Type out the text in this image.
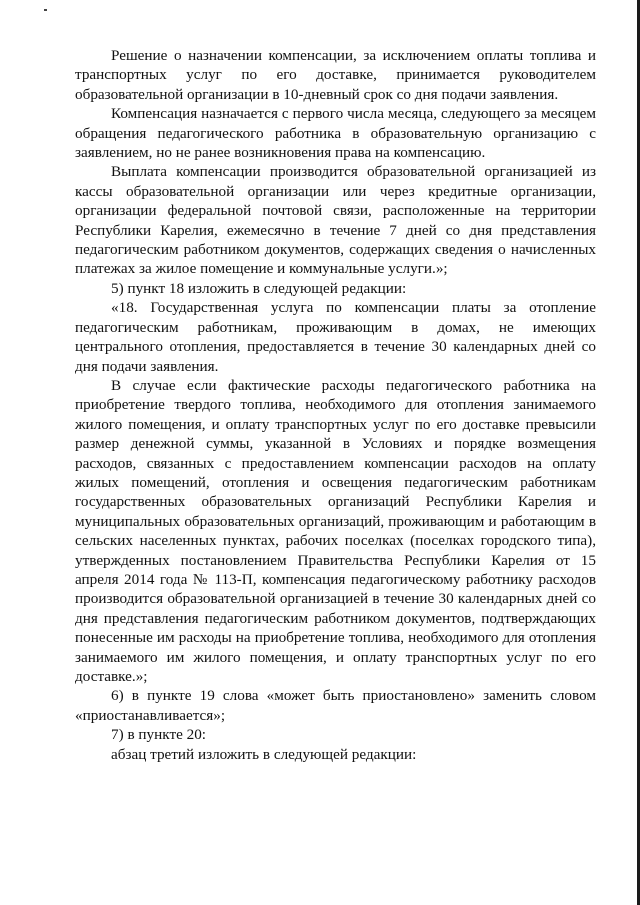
Решение о назначении компенсации, за исключением оплаты топлива и транспортных услуг по его доставке, принимается руководителем образовательной организации в 10-дневный срок со дня подачи заявления.

Компенсация назначается с первого числа месяца, следующего за месяцем обращения педагогического работника в образовательную организацию с заявлением, но не ранее возникновения права на компенсацию.

Выплата компенсации производится образовательной организацией из кассы образовательной организации или через кредитные организации, организации федеральной почтовой связи, расположенные на территории Республики Карелия, ежемесячно в течение 7 дней со дня представления педагогическим работником документов, содержащих сведения о начисленных платежах за жилое помещение и коммунальные услуги.»;

5) пункт 18 изложить в следующей редакции:

«18. Государственная услуга по компенсации платы за отопление педагогическим работникам, проживающим в домах, не имеющих центрального отопления, предоставляется в течение 30 календарных дней со дня подачи заявления.

В случае если фактические расходы педагогического работника на приобретение твердого топлива, необходимого для отопления занимаемого жилого помещения, и оплату транспортных услуг по его доставке превысили размер денежной суммы, указанной в Условиях и порядке возмещения расходов, связанных с предоставлением компенсации расходов на оплату жилых помещений, отопления и освещения педагогическим работникам государственных образовательных организаций Республики Карелия и муниципальных образовательных организаций, проживающим и работающим в сельских населенных пунктах, рабочих поселках (поселках городского типа), утвержденных постановлением Правительства Республики Карелия от 15 апреля 2014 года № 113-П, компенсация педагогическому работнику расходов производится образовательной организацией в течение 30 календарных дней со дня представления педагогическим работником документов, подтверждающих понесенные им расходы на приобретение топлива, необходимого для отопления занимаемого им жилого помещения, и оплату транспортных услуг по его доставке.»;

6) в пункте 19 слова «может быть приостановлено» заменить словом «приостанавливается»;

7) в пункте 20:

абзац третий изложить в следующей редакции:
